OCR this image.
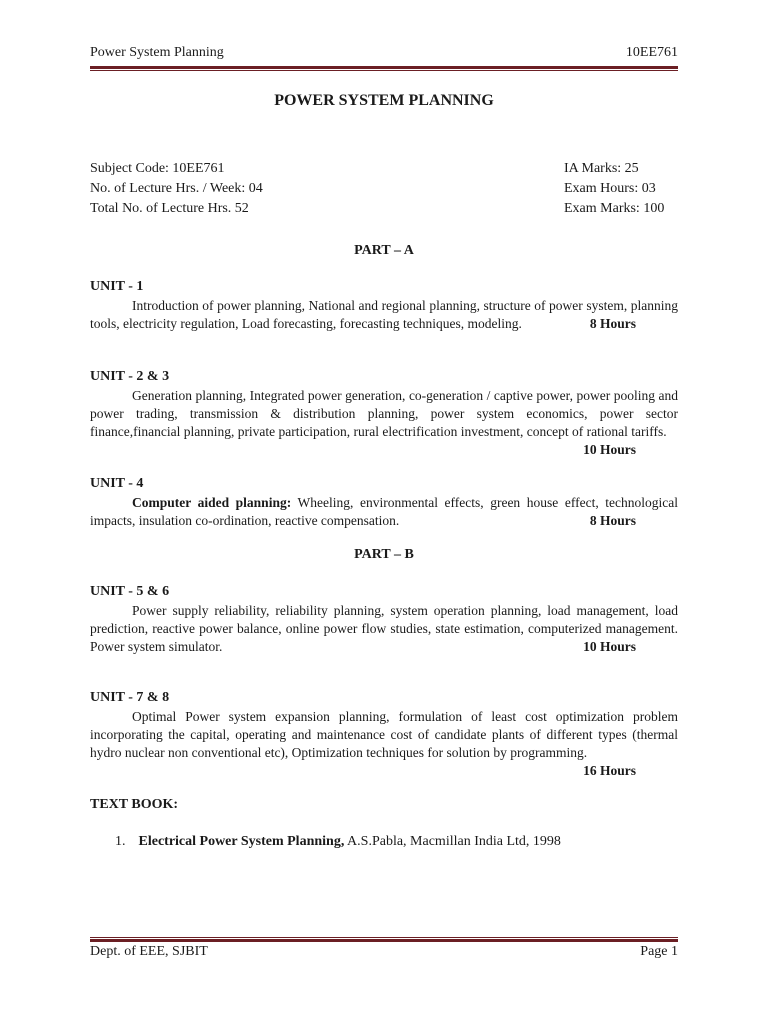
Power System Planning	10EE761
POWER SYSTEM PLANNING
Subject Code: 10EE761	IA Marks: 25
No. of Lecture Hrs. / Week: 04	Exam Hours: 03
Total No. of Lecture Hrs. 52	Exam Marks: 100
PART – A
UNIT - 1
Introduction of power planning, National and regional planning, structure of power system, planning tools, electricity regulation, Load forecasting, forecasting techniques, modeling.	8 Hours
UNIT - 2 & 3
Generation planning, Integrated power generation, co-generation / captive power, power pooling and power trading, transmission & distribution planning, power system economics, power sector finance,financial planning, private participation, rural electrification investment, concept of rational tariffs.
10 Hours
UNIT - 4
Computer aided planning: Wheeling, environmental effects, green house effect, technological impacts, insulation co-ordination, reactive compensation.	8 Hours
PART – B
UNIT - 5 & 6
Power supply reliability, reliability planning, system operation planning, load management, load prediction, reactive power balance, online power flow studies, state estimation, computerized management. Power system simulator.	10 Hours
UNIT - 7 & 8
Optimal Power system expansion planning, formulation of least cost optimization problem incorporating the capital, operating and maintenance cost of candidate plants of different types (thermal hydro nuclear non conventional etc), Optimization techniques for solution by programming.
16 Hours
TEXT BOOK:
1. Electrical Power System Planning, A.S.Pabla, Macmillan India Ltd, 1998
Dept. of EEE, SJBIT	Page 1
